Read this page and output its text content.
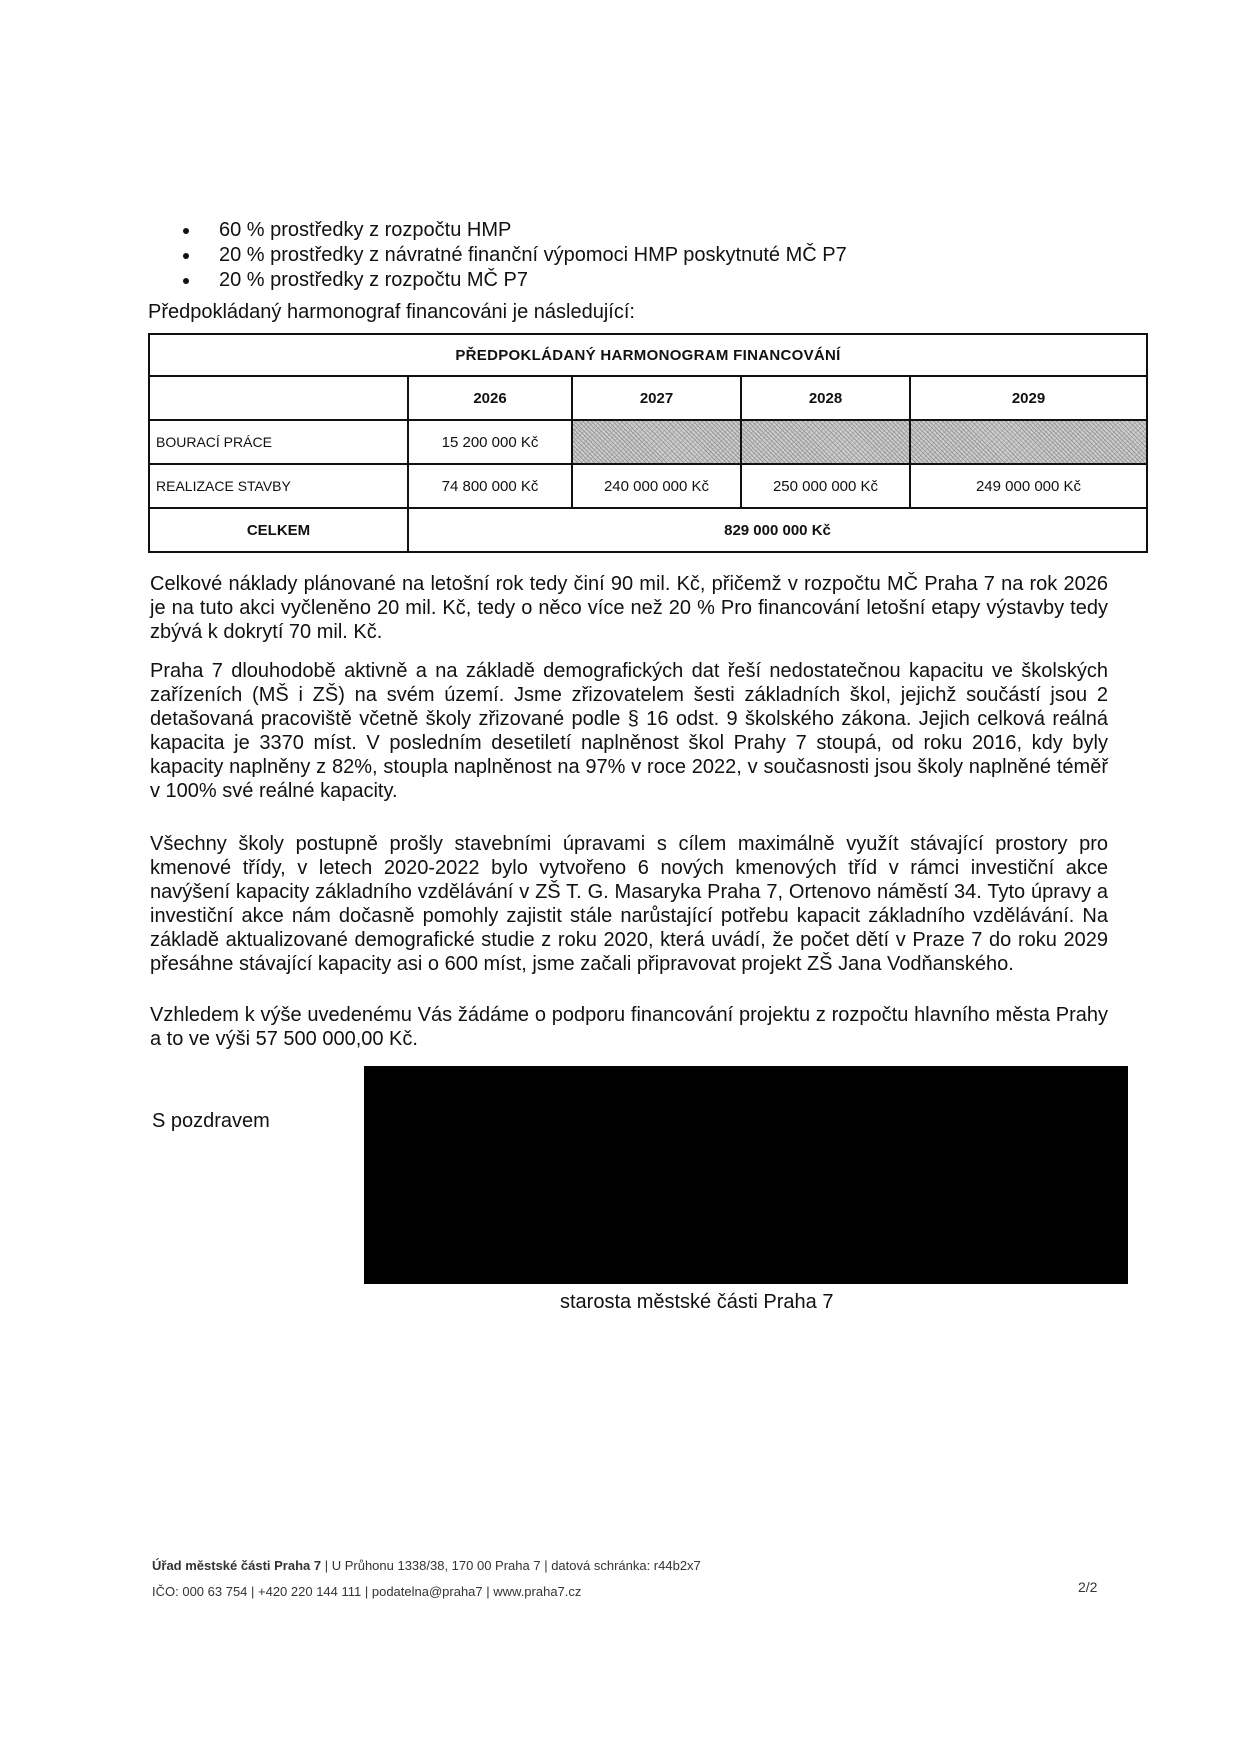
60 % prostředky z rozpočtu HMP
20 % prostředky z návratné finanční výpomoci HMP poskytnuté MČ P7
20 % prostředky z rozpočtu MČ P7
Předpokládaný harmonograf financováni je následující:
PŘEDPOKLÁDANÝ HARMONOGRAM FINANCOVÁNÍ				
	2026	2027	2028	2029
BOURACÍ PRÁCE	15 200 000 Kč			
REALIZACE STAVBY	74 800 000 Kč	240 000 000 Kč	250 000 000 Kč	249 000 000 Kč
CELKEM	829 000 000 Kč			

Celkové náklady plánované na letošní rok tedy činí 90 mil. Kč, přičemž v rozpočtu MČ Praha 7 na rok 2026 je na tuto akci vyčleněno 20 mil. Kč, tedy o něco více než 20 % Pro financování letošní etapy výstavby tedy zbývá k dokrytí 70 mil. Kč.

Praha 7 dlouhodobě aktivně a na základě demografických dat řeší nedostatečnou kapacitu ve školských zařízeních (MŠ i ZŠ) na svém území. Jsme zřizovatelem šesti základních škol, jejichž součástí jsou 2 detašovaná pracoviště včetně školy zřizované podle § 16 odst. 9 školského zákona. Jejich celková reálná kapacita je 3370 míst. V posledním desetiletí naplněnost škol Prahy 7 stoupá, od roku 2016, kdy byly kapacity naplněny z 82%, stoupla naplněnost na 97% v roce 2022, v současnosti jsou školy naplněné téměř v 100% své reálné kapacity.

Všechny školy postupně prošly stavebními úpravami s cílem maximálně využít stávající prostory pro kmenové třídy, v letech 2020-2022 bylo vytvořeno 6 nových kmenových tříd v rámci investiční akce navýšení kapacity základního vzdělávání v ZŠ T. G. Masaryka Praha 7, Ortenovo náměstí 34. Tyto úpravy a investiční akce nám dočasně pomohly zajistit stále narůstající potřebu kapacit základního vzdělávání. Na základě aktualizované demografické studie z roku 2020, která uvádí, že počet dětí v Praze 7 do roku 2029 přesáhne stávající kapacity asi o 600 míst, jsme začali připravovat projekt ZŠ Jana Vodňanského.

Vzhledem k výše uvedenému Vás žádáme o podporu financování projektu z rozpočtu hlavního města Prahy a to ve výši 57 500 000,00 Kč.

S pozdravem
starosta městské části Praha 7
Úřad městské části Praha 7 | U Průhonu 1338/38, 170 00 Praha 7 | datová schránka: r44b2x7
IČO: 000 63 754 | +420 220 144 111 | podatelna@praha7 | www.praha7.cz	2/2
